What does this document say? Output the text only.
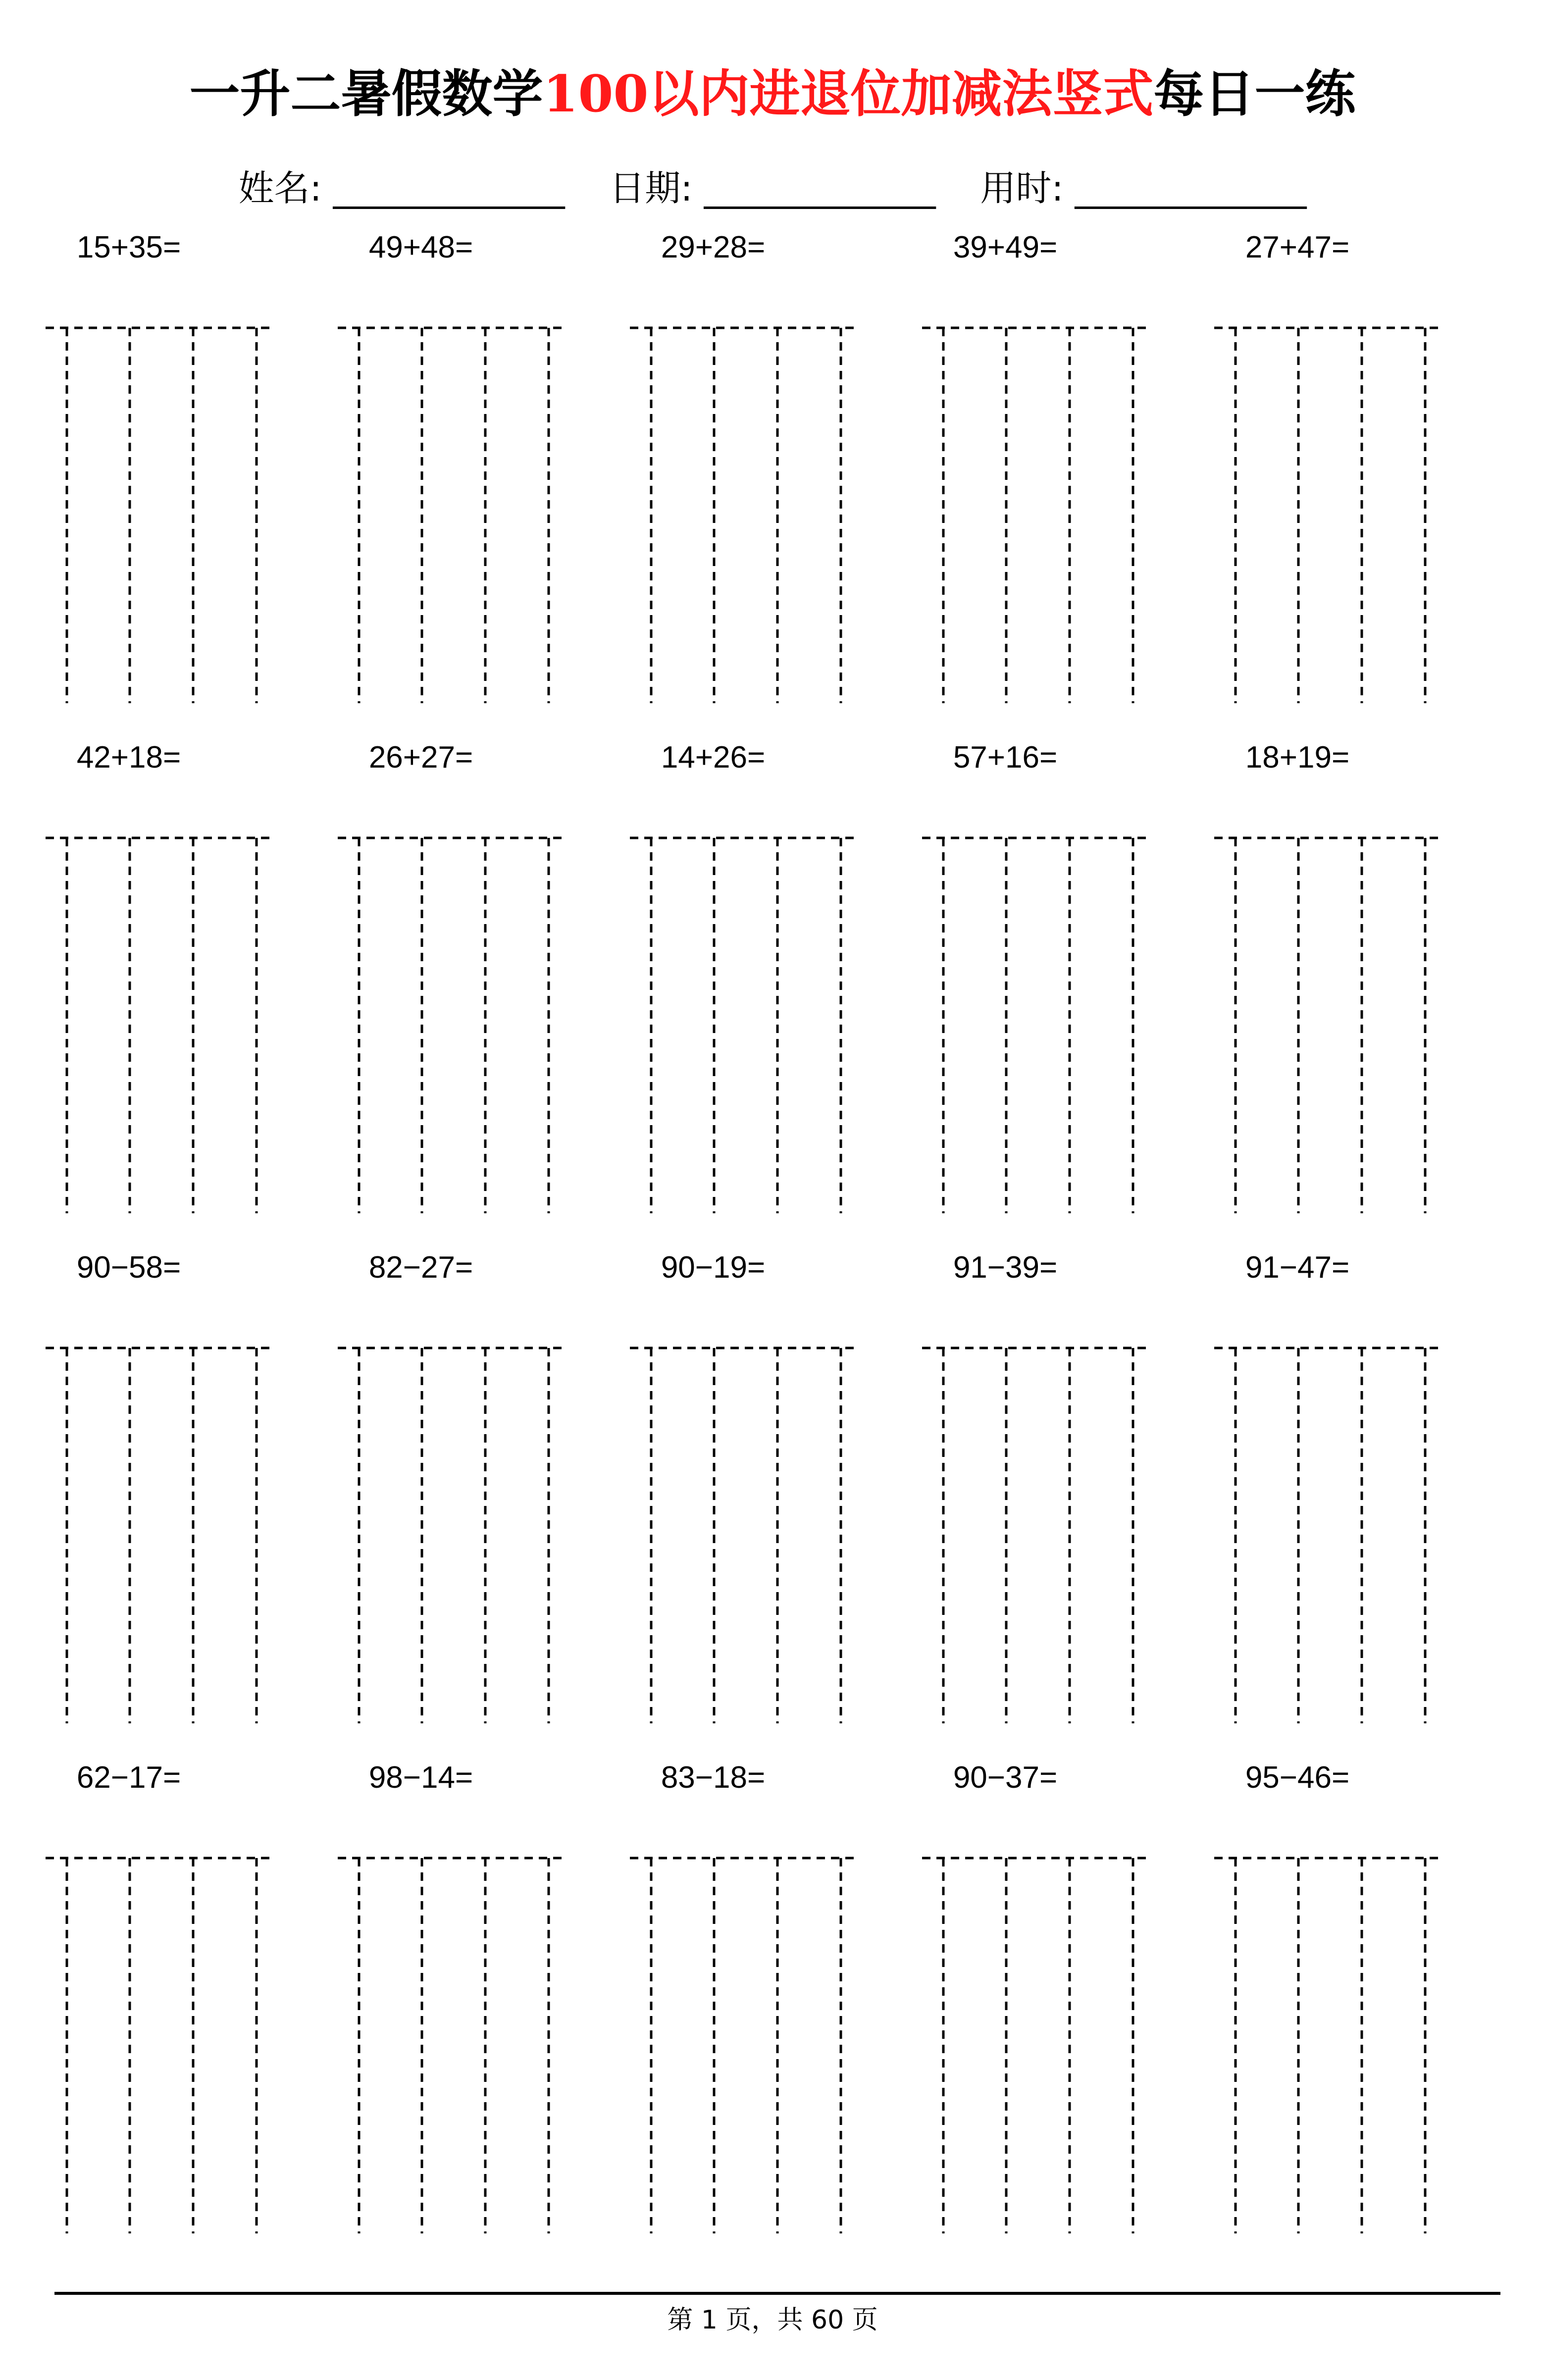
一升二暑假数学100以内进退位加减法竖式每日一练
姓名: _____________ 日期: _____________ 用时: _____________
15+35=	49+48=	29+28=	39+49=	27+47=
42+18=	26+27=	14+26=	57+16=	18+19=
90−58=	82−27=	90−19=	91−39=	91−47=
62−17=	98−14=	83−18=	90−37=	95−46=
第 1 页，共 60 页
